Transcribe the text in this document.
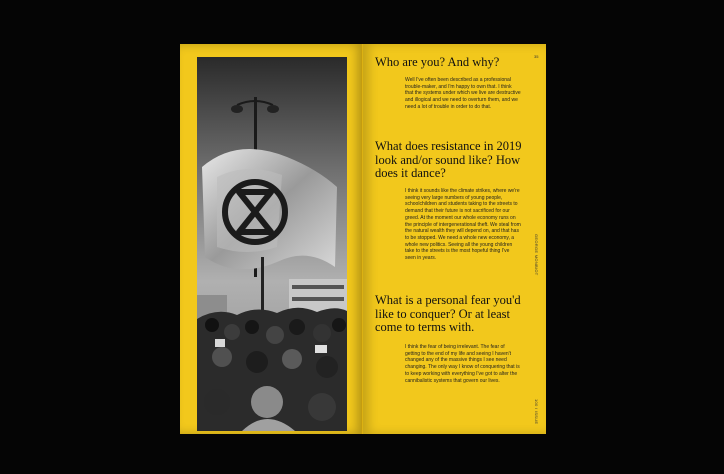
35
Who are you? And why?

Well I've often been described as a professional trouble-maker, and I'm happy to own that. I think that the systems under which we live are destructive and illogical and we need to overturn them, and we need a lot of trouble in order to do that.

What does resistance in 2019 look and/or sound like? How does it dance?

I think it sounds like the climate strikes, where we're seeing very large numbers of young people, schoolchildren and students taking to the streets to demand that their future is not sacrificed for our greed. At the moment our whole economy runs on the principle of intergenerational theft. We steal from the natural wealth they will depend on, and that has to be stopped. We need a whole new economy, a whole new politics. Seeing all the young children take to the streets is the most hopeful thing I've seen in years.

What is a personal fear you'd like to conquer? Or at least come to terms with.

I think the fear of being irrelevant. The fear of getting to the end of my life and seeing I haven't changed any of the massive things I see need changing. The only way I know of conquering that is to keep working with everything I've got to alter the cannibalistic systems that govern our lives.

GEORGE MONBIOT
100 / ISSUE
